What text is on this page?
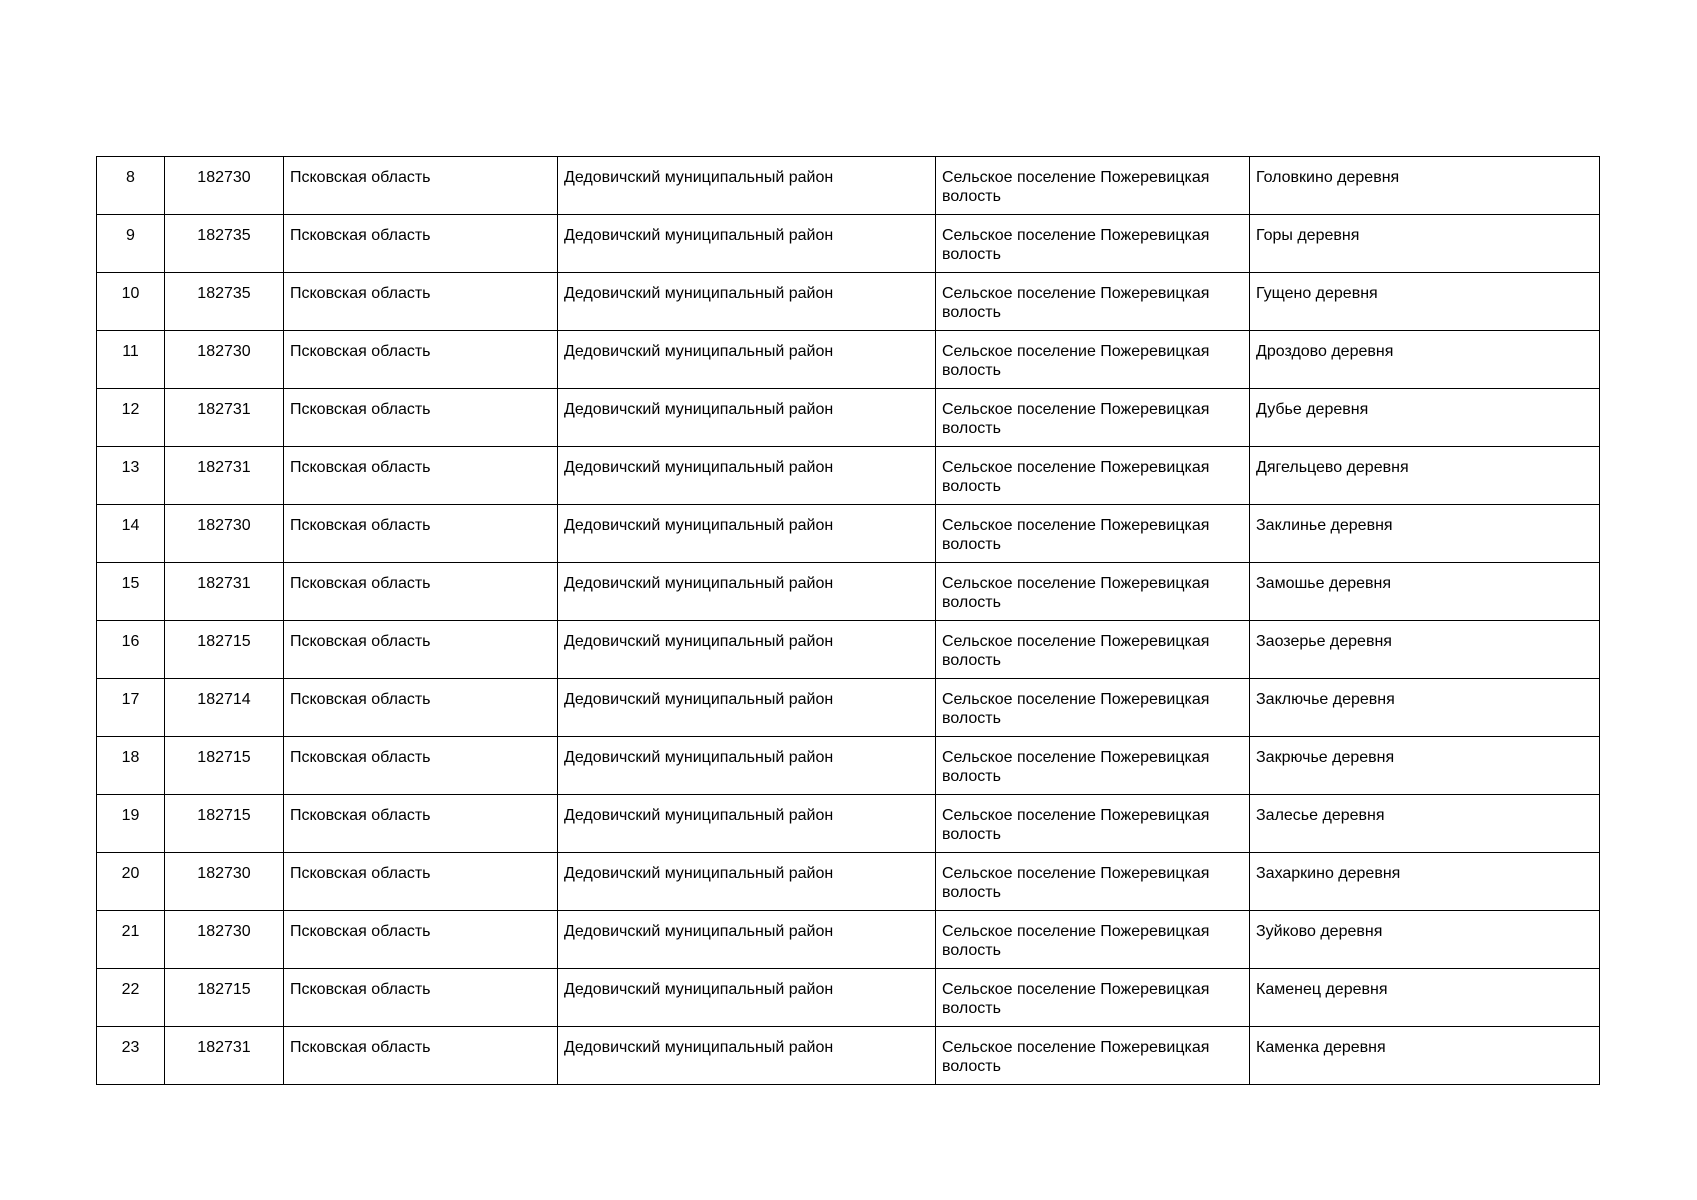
8	182730	Псковская область	Дедовичский муниципальный район	Сельское поселение Пожеревицкая волость	Головкино деревня
9	182735	Псковская область	Дедовичский муниципальный район	Сельское поселение Пожеревицкая волость	Горы деревня
10	182735	Псковская область	Дедовичский муниципальный район	Сельское поселение Пожеревицкая волость	Гущено деревня
11	182730	Псковская область	Дедовичский муниципальный район	Сельское поселение Пожеревицкая волость	Дроздово деревня
12	182731	Псковская область	Дедовичский муниципальный район	Сельское поселение Пожеревицкая волость	Дубье деревня
13	182731	Псковская область	Дедовичский муниципальный район	Сельское поселение Пожеревицкая волость	Дягельцево деревня
14	182730	Псковская область	Дедовичский муниципальный район	Сельское поселение Пожеревицкая волость	Заклинье деревня
15	182731	Псковская область	Дедовичский муниципальный район	Сельское поселение Пожеревицкая волость	Замошье деревня
16	182715	Псковская область	Дедовичский муниципальный район	Сельское поселение Пожеревицкая волость	Заозерье деревня
17	182714	Псковская область	Дедовичский муниципальный район	Сельское поселение Пожеревицкая волость	Заключье деревня
18	182715	Псковская область	Дедовичский муниципальный район	Сельское поселение Пожеревицкая волость	Закрючье деревня
19	182715	Псковская область	Дедовичский муниципальный район	Сельское поселение Пожеревицкая волость	Залесье деревня
20	182730	Псковская область	Дедовичский муниципальный район	Сельское поселение Пожеревицкая волость	Захаркино деревня
21	182730	Псковская область	Дедовичский муниципальный район	Сельское поселение Пожеревицкая волость	Зуйково деревня
22	182715	Псковская область	Дедовичский муниципальный район	Сельское поселение Пожеревицкая волость	Каменец деревня
23	182731	Псковская область	Дедовичский муниципальный район	Сельское поселение Пожеревицкая волость	Каменка деревня
